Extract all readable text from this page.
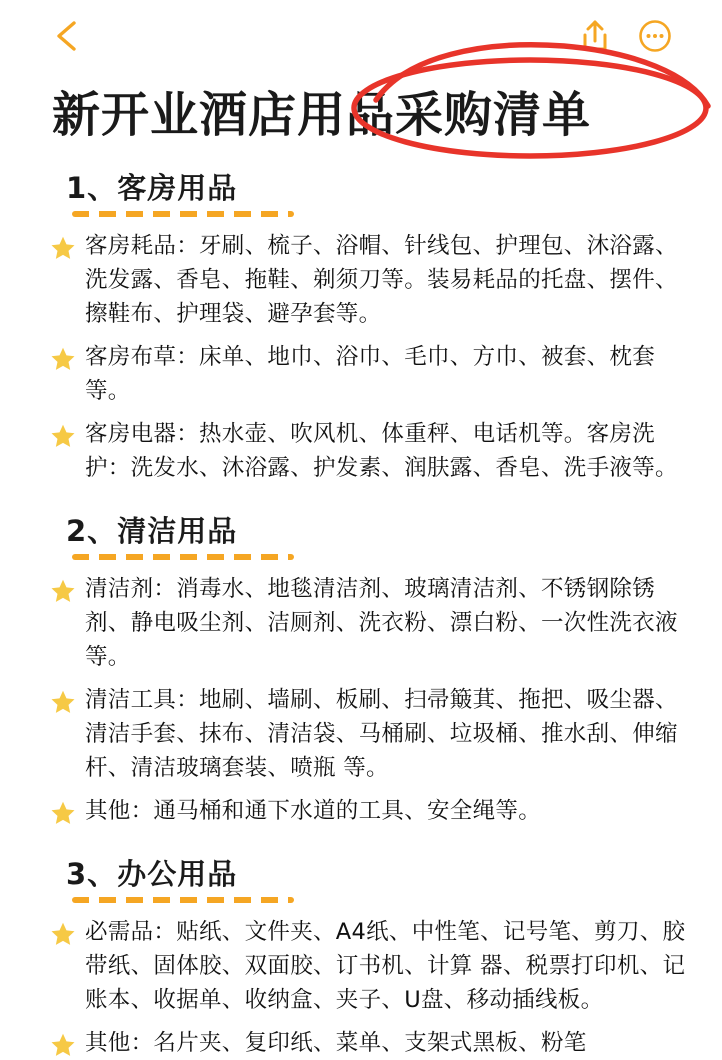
新开业酒店用品采购清单
1、客房用品
客房耗品：牙刷、梳子、浴帽、针线包、护理包、沐浴露、洗发露、香皂、拖鞋、剃须刀等。装易耗品的托盘、摆件、擦鞋布、护理袋、避孕套等。
客房布草：床单、地巾、浴巾、毛巾、方巾、被套、枕套等。
客房电器：热水壶、吹风机、体重秤、电话机等。客房洗护：洗发水、沐浴露、护发素、润肤露、香皂、洗手液等。
2、清洁用品
清洁剂：消毒水、地毯清洁剂、玻璃清洁剂、不锈钢除锈剂、静电吸尘剂、洁厕剂、洗衣粉、漂白粉、一次性洗衣液等。
清洁工具：地刷、墙刷、板刷、扫帚簸萁、拖把、吸尘器、清洁手套、抹布、清洁袋、马桶刷、垃圾桶、推水刮、伸缩杆、清洁玻璃套装、喷瓶 等。
其他：通马桶和通下水道的工具、安全绳等。
3、办公用品
必需品：贴纸、文件夹、A4纸、中性笔、记号笔、剪刀、胶带纸、固体胶、双面胶、订书机、计算 器、税票打印机、记账本、收据单、收纳盒、夹子、U盘、移动插线板。
其他：名片夹、复印纸、菜单、支架式黑板、粉笔
